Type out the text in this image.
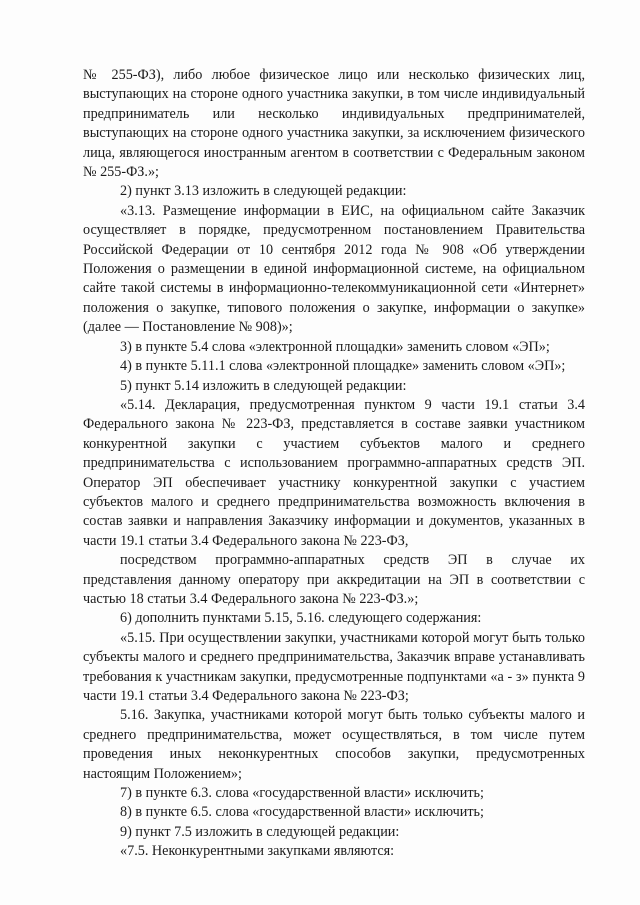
№ 255-ФЗ), либо любое физическое лицо или несколько физических лиц, выступающих на стороне одного участника закупки, в том числе индивидуальный предприниматель или несколько индивидуальных предпринимателей, выступающих на стороне одного участника закупки, за исключением физического лица, являющегося иностранным агентом в соответствии с Федеральным законом № 255-ФЗ.»;

2) пункт 3.13 изложить в следующей редакции:

«3.13. Размещение информации в ЕИС, на официальном сайте Заказчик осуществляет в порядке, предусмотренном постановлением Правительства Российской Федерации от 10 сентября 2012 года № 908 «Об утверждении Положения о размещении в единой информационной системе, на официальном сайте такой системы в информационно-телекоммуникационной сети «Интернет» положения о закупке, типового положения о закупке, информации о закупке» (далее — Постановление № 908)»;

3) в пункте 5.4 слова «электронной площадки» заменить словом «ЭП»;

4) в пункте 5.11.1 слова «электронной площадке» заменить словом «ЭП»;

5) пункт 5.14 изложить в следующей редакции:

«5.14. Декларация, предусмотренная пунктом 9 части 19.1 статьи 3.4 Федерального закона № 223-ФЗ, представляется в составе заявки участником конкурентной закупки с участием субъектов малого и среднего предпринимательства с использованием программно-аппаратных средств ЭП. Оператор ЭП обеспечивает участнику конкурентной закупки с участием субъектов малого и среднего предпринимательства возможность включения в состав заявки и направления Заказчику информации и документов, указанных в части 19.1 статьи 3.4 Федерального закона № 223-ФЗ,

посредством программно-аппаратных средств ЭП в случае их представления данному оператору при аккредитации на ЭП в соответствии с частью 18 статьи 3.4 Федерального закона № 223-ФЗ.»;

6) дополнить пунктами 5.15, 5.16. следующего содержания:

«5.15. При осуществлении закупки, участниками которой могут быть только субъекты малого и среднего предпринимательства, Заказчик вправе устанавливать требования к участникам закупки, предусмотренные подпунктами «а - з» пункта 9 части 19.1 статьи 3.4 Федерального закона № 223-ФЗ;

5.16. Закупка, участниками которой могут быть только субъекты малого и среднего предпринимательства, может осуществляться, в том числе путем проведения иных неконкурентных способов закупки, предусмотренных настоящим Положением»;

7) в пункте 6.3. слова «государственной власти» исключить;

8) в пункте 6.5. слова «государственной власти» исключить;

9) пункт 7.5 изложить в следующей редакции:

«7.5. Неконкурентными закупками являются:
